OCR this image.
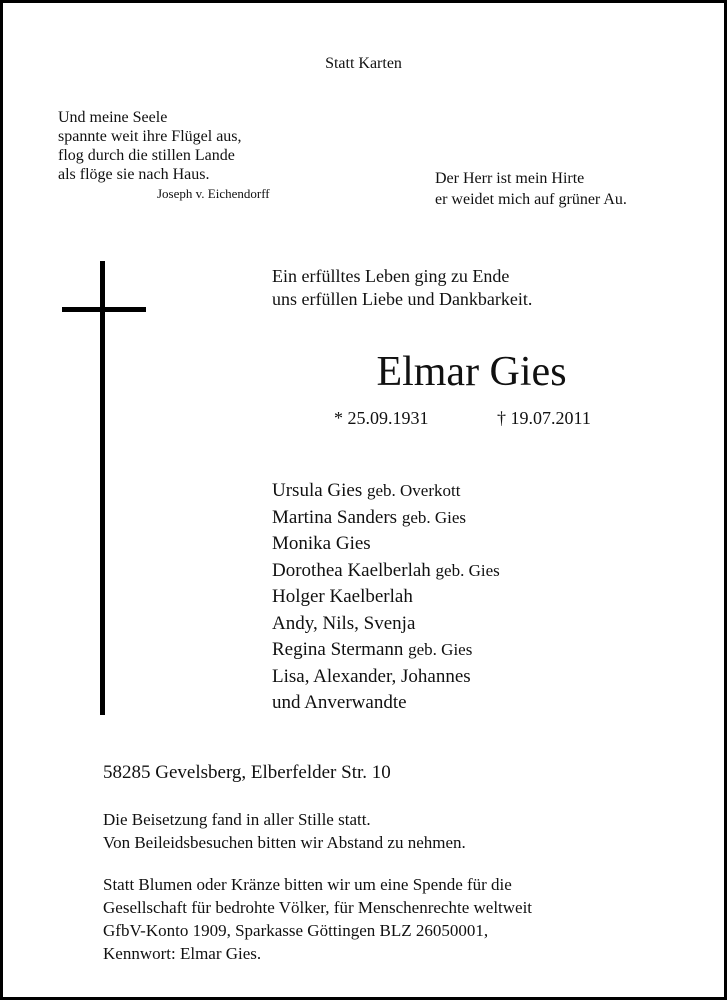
Statt Karten
Und meine Seele
spannte weit ihre Flügel aus,
flog durch die stillen Lande
als flöge sie nach Haus.
Joseph v. Eichendorff
Der Herr ist mein Hirte
er weidet mich auf grüner Au.
Ein erfülltes Leben ging zu Ende
uns erfüllen Liebe und Dankbarkeit.
Elmar Gies
* 25.09.1931	† 19.07.2011
Ursula Gies geb. Overkott
Martina Sanders geb. Gies
Monika Gies
Dorothea Kaelberlah geb. Gies
Holger Kaelberlah
Andy, Nils, Svenja
Regina Stermann geb. Gies
Lisa, Alexander, Johannes
und Anverwandte
58285 Gevelsberg, Elberfelder Str. 10
Die Beisetzung fand in aller Stille statt.
Von Beileidsbesuchen bitten wir Abstand zu nehmen.
Statt Blumen oder Kränze bitten wir um eine Spende für die
Gesellschaft für bedrohte Völker, für Menschenrechte weltweit
GfbV-Konto 1909, Sparkasse Göttingen BLZ 26050001,
Kennwort: Elmar Gies.
